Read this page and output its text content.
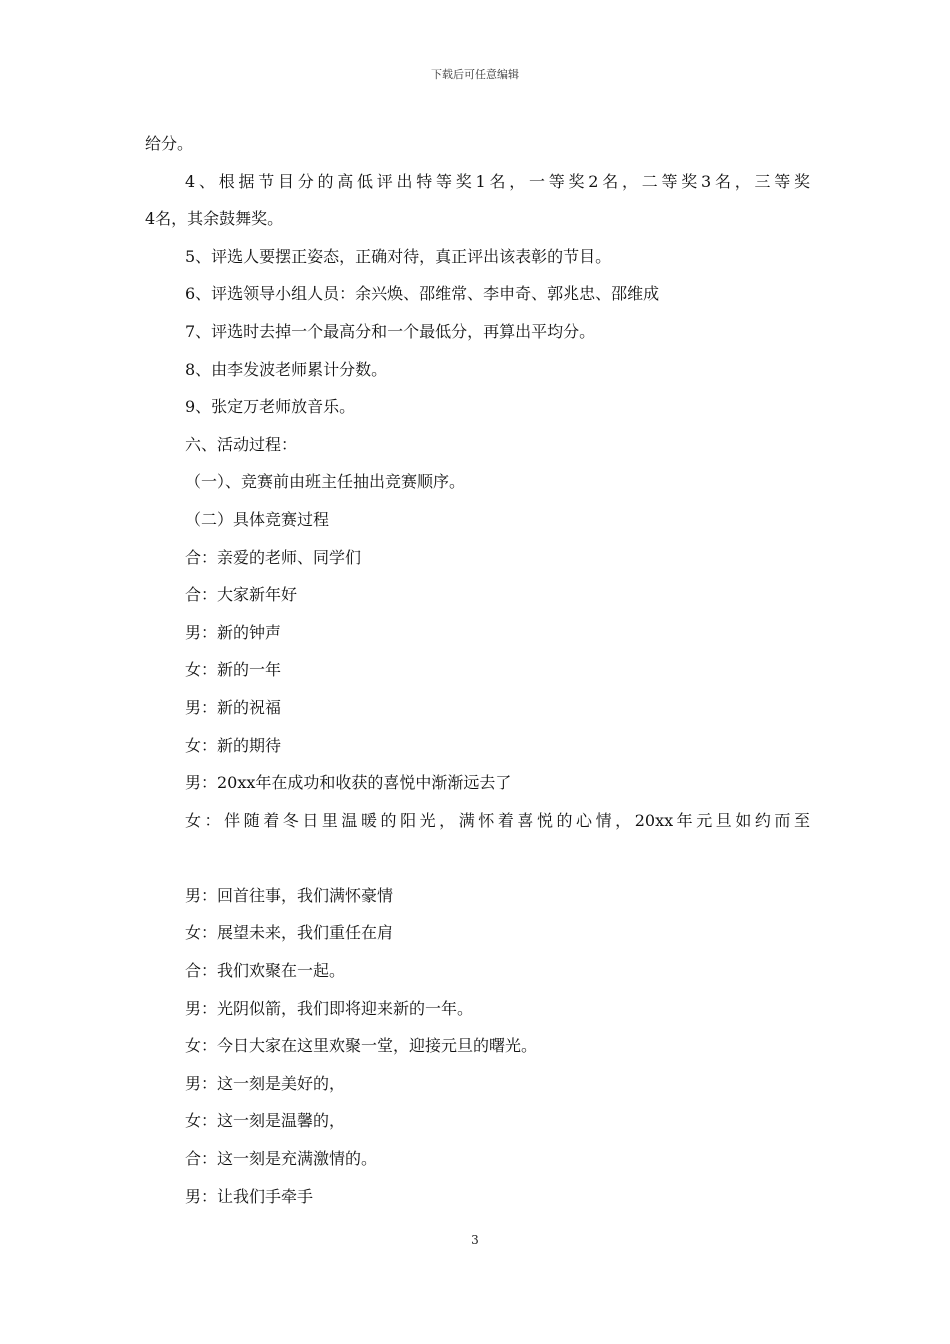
下载后可任意编辑

给分。

4、根据节目分的高低评出特等奖1名，一等奖2名，二等奖3名，三等奖

4名，其余鼓舞奖。

5、评选人要摆正姿态，正确对待，真正评出该表彰的节目。

6、评选领导小组人员：余兴焕、邵维常、李申奇、郭兆忠、邵维成

7、评选时去掉一个最高分和一个最低分，再算出平均分。

8、由李发波老师累计分数。

9、张定万老师放音乐。

六、活动过程：

（一）、竞赛前由班主任抽出竞赛顺序。

（二）具体竞赛过程

合：亲爱的老师、同学们

合：大家新年好

男：新的钟声

女：新的一年

男：新的祝福

女：新的期待

男：20xx年在成功和收获的喜悦中渐渐远去了

女：伴随着冬日里温暖的阳光，满怀着喜悦的心情，20xx年元旦如约而至

男：回首往事，我们满怀豪情

女：展望未来，我们重任在肩

合：我们欢聚在一起。

男：光阴似箭，我们即将迎来新的一年。

女：今日大家在这里欢聚一堂，迎接元旦的曙光。

男：这一刻是美好的，

女：这一刻是温馨的，

合：这一刻是充满激情的。

男：让我们手牵手

3
